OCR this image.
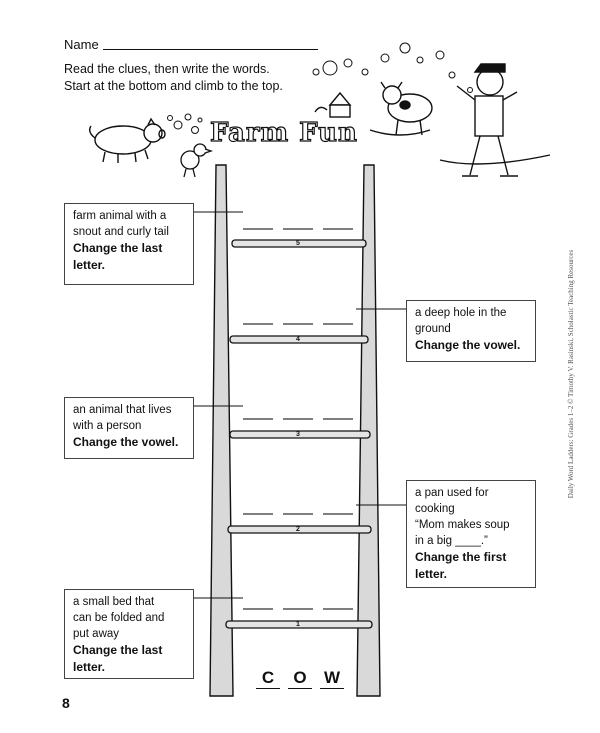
Name
Read the clues, then write the words.
Start at the bottom and climb to the top.
Farm Fun
5
4
3
2
1
farm animal with a
snout and curly tail
Change the last
letter.
a deep hole in the
ground
Change the vowel.
an animal that lives
with a person
Change the vowel.
a pan used for
cooking
“Mom makes soup
in a big ____.”
Change the first
letter.
a small bed that
can be folded and
put away
Change the last
letter.
C O W
Daily Word Ladders: Grades 1–2 © Timothy V. Rasinski, Scholastic Teaching Resources
8
